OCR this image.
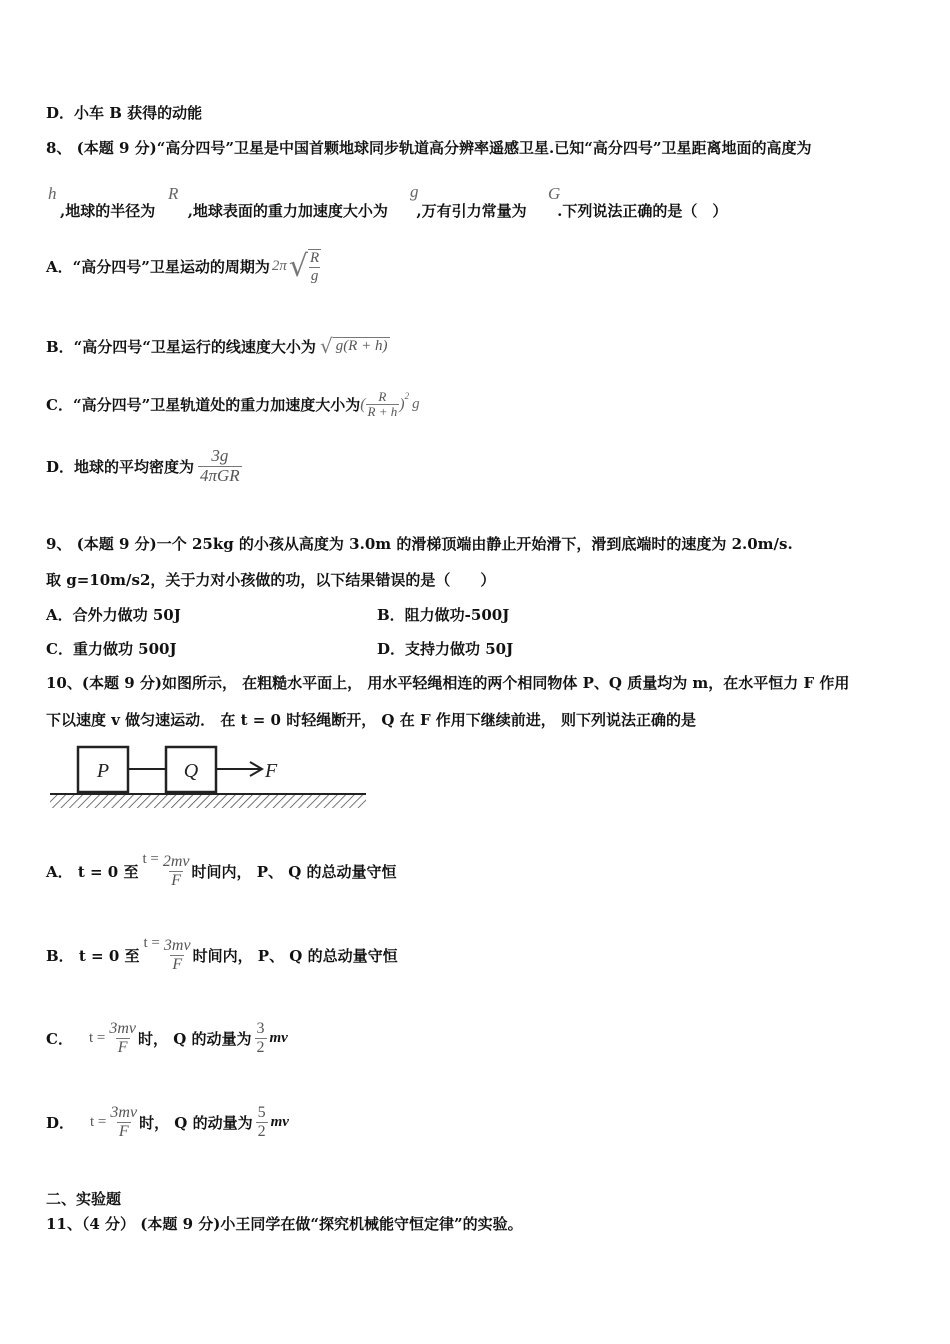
D．小车 B 获得的动能
8、 (本题 9 分)“高分四号”卫星是中国首颗地球同步轨道高分辨率遥感卫星.已知“高分四号”卫星距离地面的高度为
h
,地球的半径为 ,地球表面的重力加速度大小为 ,万有引力常量为 .下列说法正确的是（　）
R	g	G
A．“高分四号”卫星运动的周期为 2π √ $\frac{R}{g}$
B．“高分四号“卫星运行的线速度大小为 √ g(R + h)
C．“高分四号”卫星轨道处的重力加速度大小为 ( $\frac{R}{R + h}$ ) 2
g
D．地球的平均密度为 $\frac{3g}{\text{4πGR}}$
9、 (本题 9 分)一个 25kg 的小孩从高度为 3.0m 的滑梯顶端由静止开始滑下，滑到底端时的速度为 2.0m/s.
取 g=10m/s2，关于力对小孩做的功，以下结果错误的是（　　）
A．合外力做功 50J	B．阻力做功-500J
C．重力做功 500J	D．支持力做功 50J
10、(本题 9 分)如图所示， 在粗糙水平面上， 用水平轻绳相连的两个相同物体 P、Q 质量均为 m，在水平恒力 F 作用
下以速度 v 做匀速运动． 在 t = 0 时轻绳断开， Q 在 F 作用下继续前进， 则下列说法正确的是
P	Q	F
A． t = 0 至
$t = \frac{2mv}{F}$ 时间内， P、 Q 的总动量守恒
B． t = 0 至
$t = \frac{3mv}{F}$ 时间内， P、 Q 的总动量守恒
C． $t = \frac{3mv}{F}$ 时， Q 的动量为 $\frac{3}{2}$ mv
D． $t = \frac{3mv}{F}$ 时， Q 的动量为 $\frac{5}{2}$ mv
二、实验题
11、（4 分） (本题 9 分)小王同学在做“探究机械能守恒定律”的实验。
